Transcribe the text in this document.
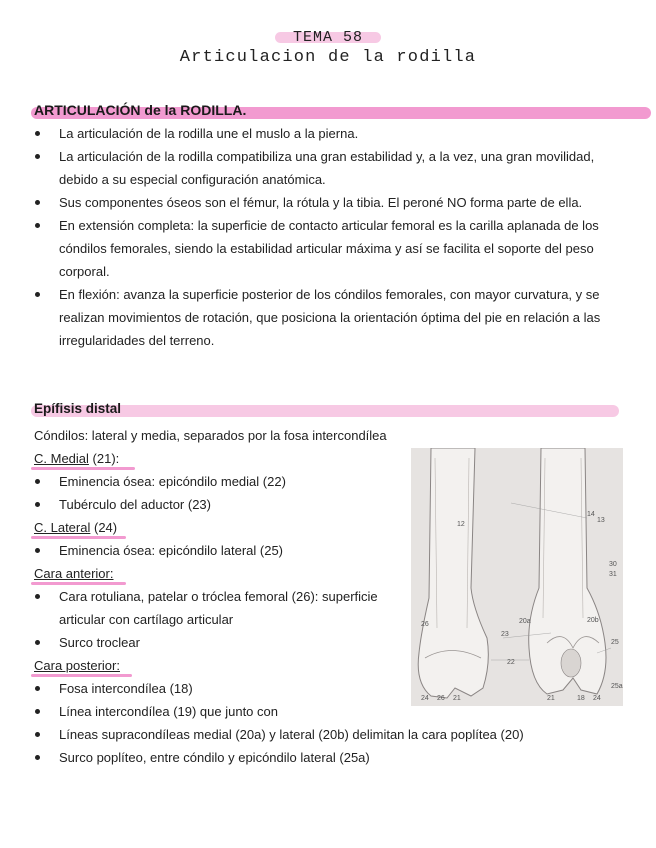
TEMA 58
Articulacion de la rodilla
ARTICULACIÓN de la RODILLA.
La articulación de la rodilla une el muslo a la pierna.
La articulación de la rodilla compatibiliza una gran estabilidad y, a la vez, una gran movilidad, debido a su especial configuración anatómica.
Sus componentes óseos son el fémur, la rótula y la tibia. El peroné NO forma parte de ella.
En extensión completa: la superficie de contacto articular femoral es la carilla aplanada de los cóndilos femorales, siendo la estabilidad articular máxima y así se facilita el soporte del peso corporal.
En flexión: avanza la superficie posterior de los cóndilos femorales, con mayor curvatura, y se realizan movimientos de rotación, que posiciona la orientación óptima del pie en relación a las irregularidades del terreno.
Epífisis distal
Cóndilos: lateral y media, separados por la fosa intercondílea
C. Medial (21):
Eminencia ósea: epicóndilo medial (22)
Tubérculo del aductor (23)
C. Lateral (24)
Eminencia ósea: epicóndilo lateral (25)
Cara anterior:
Cara rotuliana, patelar o tróclea femoral (26): superficie articular con cartílago articular
Surco troclear
Cara posterior:
Fosa intercondílea (18)
Línea intercondílea (19) que junto con
Líneas supracondíleas medial (20a) y lateral (20b) delimitan la cara poplítea (20)
Surco poplíteo, entre cóndilo y epicóndilo lateral (25a)
12
14
13
25
26	20a	20b
23
22
24 26 21	21	18 24
25a
30
31
